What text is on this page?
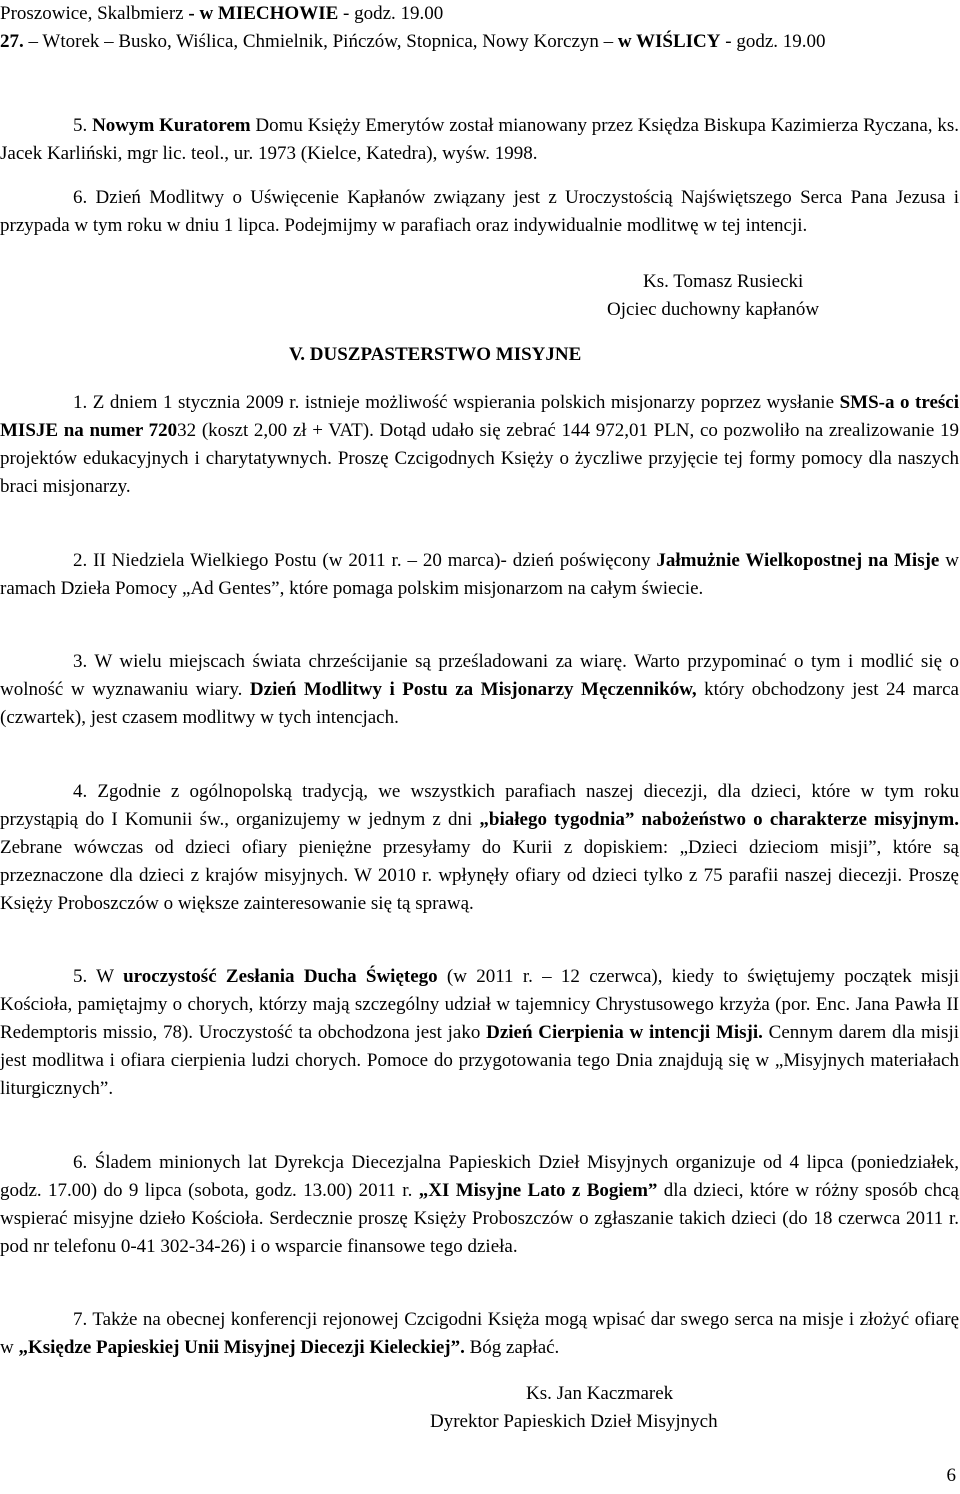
Proszowice, Skalbmierz - w MIECHOWIE - godz. 19.00

27. – Wtorek – Busko, Wiślica, Chmielnik, Pińczów, Stopnica, Nowy Korczyn – w WIŚLICY - godz. 19.00

5. Nowym Kuratorem Domu Księży Emerytów został mianowany przez Księdza Biskupa Kazimierza Ryczana, ks. Jacek Karliński, mgr lic. teol., ur. 1973 (Kielce, Katedra), wyśw. 1998.

6. Dzień Modlitwy o Uświęcenie Kapłanów związany jest z Uroczystością Najświętszego Serca Pana Jezusa i przypada w tym roku w dniu 1 lipca. Podejmijmy w parafiach oraz indywidualnie modlitwę w tej intencji.

Ks. Tomasz Rusiecki

Ojciec duchowny kapłanów

V. DUSZPASTERSTWO MISYJNE

1. Z dniem 1 stycznia 2009 r. istnieje możliwość wspierania polskich misjonarzy poprzez wysłanie SMS-a o treści MISJE na numer 72032 (koszt 2,00 zł + VAT). Dotąd udało się zebrać 144 972,01 PLN, co pozwoliło na zrealizowanie 19 projektów edukacyjnych i charytatywnych. Proszę Czcigodnych Księży o życzliwe przyjęcie tej formy pomocy dla naszych braci misjonarzy.

2. II Niedziela Wielkiego Postu (w 2011 r. – 20 marca)- dzień poświęcony Jałmużnie Wielkopostnej na Misje w ramach Dzieła Pomocy „Ad Gentes”, które pomaga polskim misjonarzom na całym świecie.

3. W wielu miejscach świata chrześcijanie są prześladowani za wiarę. Warto przypominać o tym i modlić się o wolność w wyznawaniu wiary. Dzień Modlitwy i Postu za Misjonarzy Męczenników, który obchodzony jest 24 marca (czwartek), jest czasem modlitwy w tych intencjach.

4. Zgodnie z ogólnopolską tradycją, we wszystkich parafiach naszej diecezji, dla dzieci, które w tym roku przystąpią do I Komunii św., organizujemy w jednym z dni „białego tygodnia” nabożeństwo o charakterze misyjnym. Zebrane wówczas od dzieci ofiary pieniężne przesyłamy do Kurii z dopiskiem: „Dzieci dzieciom misji”, które są przeznaczone dla dzieci z krajów misyjnych. W 2010 r. wpłynęły ofiary od dzieci tylko z 75 parafii naszej diecezji. Proszę Księży Proboszczów o większe zainteresowanie się tą sprawą.

5. W uroczystość Zesłania Ducha Świętego (w 2011 r. – 12 czerwca), kiedy to świętujemy początek misji Kościoła, pamiętajmy o chorych, którzy mają szczególny udział w tajemnicy Chrystusowego krzyża (por. Enc. Jana Pawła II Redemptoris missio, 78). Uroczystość ta obchodzona jest jako Dzień Cierpienia w intencji Misji. Cennym darem dla misji jest modlitwa i ofiara cierpienia ludzi chorych. Pomoce do przygotowania tego Dnia znajdują się w „Misyjnych materiałach liturgicznych”.

6. Śladem minionych lat Dyrekcja Diecezjalna Papieskich Dzieł Misyjnych organizuje od 4 lipca (poniedziałek, godz. 17.00) do 9 lipca (sobota, godz. 13.00) 2011 r. „XI Misyjne Lato z Bogiem” dla dzieci, które w różny sposób chcą wspierać misyjne dzieło Kościoła. Serdecznie proszę Księży Proboszczów o zgłaszanie takich dzieci (do 18 czerwca 2011 r. pod nr telefonu 0-41 302-34-26) i o wsparcie finansowe tego dzieła.

7. Także na obecnej konferencji rejonowej Czcigodni Księża mogą wpisać dar swego serca na misje i złożyć ofiarę w „Księdze Papieskiej Unii Misyjnej Diecezji Kieleckiej”. Bóg zapłać.

Ks. Jan Kaczmarek

Dyrektor Papieskich Dzieł Misyjnych

6
